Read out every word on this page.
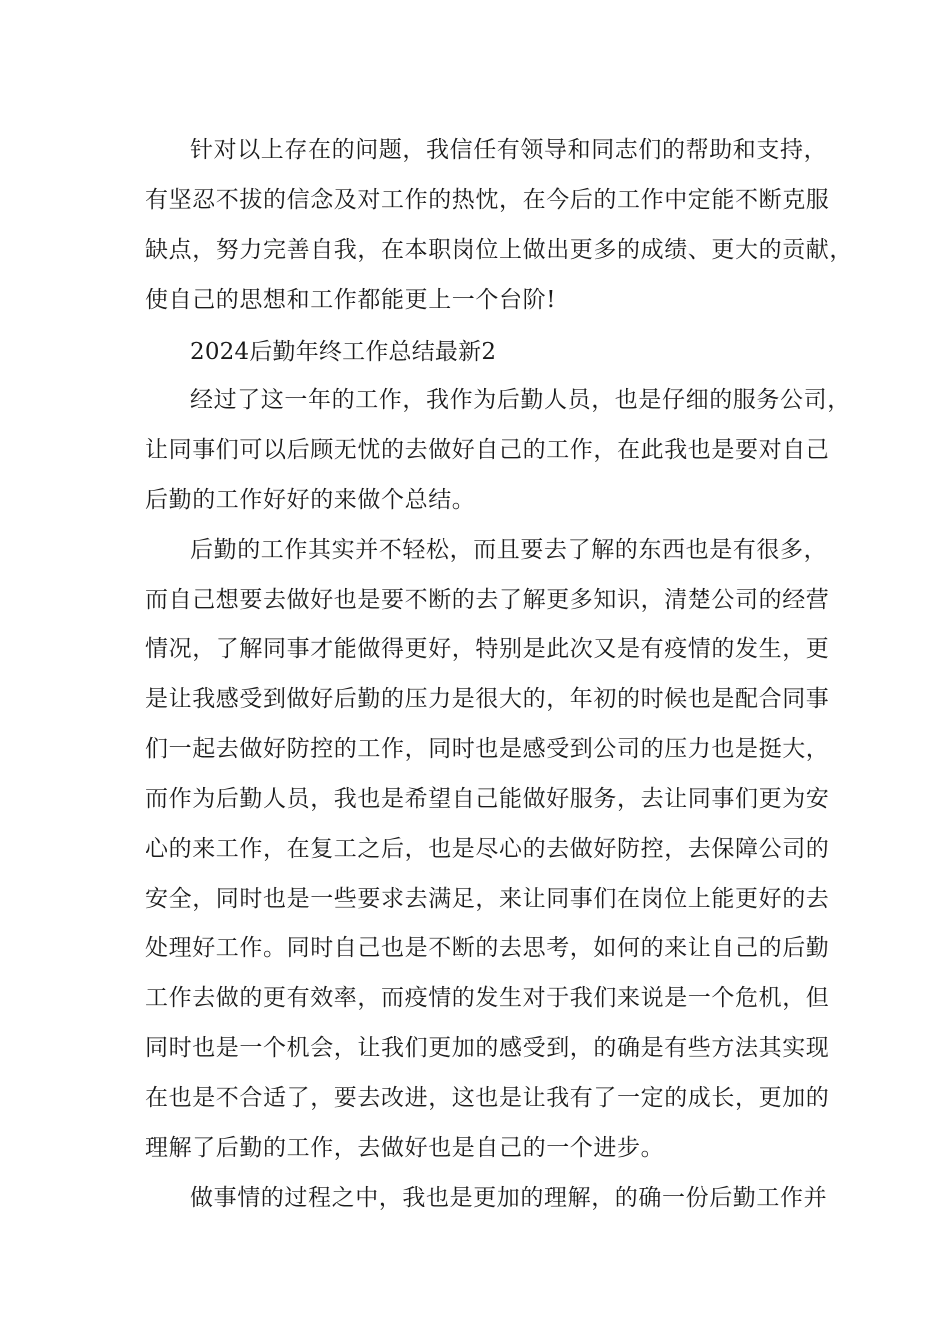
针对以上存在的问题，我信任有领导和同志们的帮助和支持，
有坚忍不拔的信念及对工作的热忱，在今后的工作中定能不断克服
缺点，努力完善自我，在本职岗位上做出更多的成绩、更大的贡献，
使自己的思想和工作都能更上一个台阶!
2024后勤年终工作总结最新2
经过了这一年的工作，我作为后勤人员，也是仔细的服务公司，
让同事们可以后顾无忧的去做好自己的工作，在此我也是要对自己
后勤的工作好好的来做个总结。
后勤的工作其实并不轻松，而且要去了解的东西也是有很多，
而自己想要去做好也是要不断的去了解更多知识，清楚公司的经营
情况，了解同事才能做得更好，特别是此次又是有疫情的发生，更
是让我感受到做好后勤的压力是很大的，年初的时候也是配合同事
们一起去做好防控的工作，同时也是感受到公司的压力也是挺大，
而作为后勤人员，我也是希望自己能做好服务，去让同事们更为安
心的来工作，在复工之后，也是尽心的去做好防控，去保障公司的
安全，同时也是一些要求去满足，来让同事们在岗位上能更好的去
处理好工作。同时自己也是不断的去思考，如何的来让自己的后勤
工作去做的更有效率，而疫情的发生对于我们来说是一个危机，但
同时也是一个机会，让我们更加的感受到，的确是有些方法其实现
在也是不合适了，要去改进，这也是让我有了一定的成长，更加的
理解了后勤的工作，去做好也是自己的一个进步。
做事情的过程之中，我也是更加的理解，的确一份后勤工作并
